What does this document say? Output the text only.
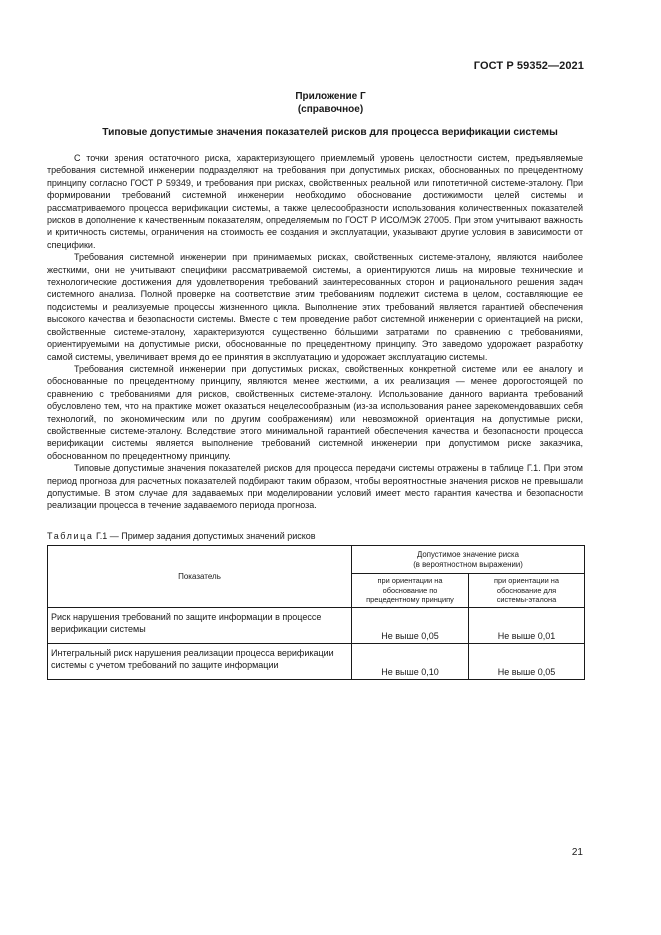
ГОСТ Р 59352—2021
Приложение Г
(справочное)
Типовые допустимые значения показателей рисков для процесса верификации системы

С точки зрения остаточного риска, характеризующего приемлемый уровень целостности систем, предъявляемые требования системной инженерии подразделяют на требования при допустимых рисках, обоснованных по прецедентному принципу согласно ГОСТ Р 59349, и требования при рисках, свойственных реальной или гипотетичной системе-эталону. При формировании требований системной инженерии необходимо обоснование достижимости целей системы и рассматриваемого процесса верификации системы, а также целесообразности использования количественных показателей рисков в дополнение к качественным показателям, определяемым по ГОСТ Р ИСО/МЭК 27005. При этом учитывают важность и критичность системы, ограничения на стоимость ее создания и эксплуатации, указывают другие условия в зависимости от специфики.

Требования системной инженерии при принимаемых рисках, свойственных системе-эталону, являются наиболее жесткими, они не учитывают специфики рассматриваемой системы, а ориентируются лишь на мировые технические и технологические достижения для удовлетворения требований заинтересованных сторон и рационального решения задач системного анализа. Полной проверке на соответствие этим требованиям подлежит система в целом, составляющие ее подсистемы и реализуемые процессы жизненного цикла. Выполнение этих требований является гарантией обеспечения высокого качества и безопасности системы. Вместе с тем проведение работ системной инженерии с ориентацией на риски, свойственные системе-эталону, характеризуются существенно бо́льшими затратами по сравнению с требованиями, ориентируемыми на допустимые риски, обоснованные по прецедентному принципу. Это заведомо удорожает разработку самой системы, увеличивает время до ее принятия в эксплуатацию и удорожает эксплуатацию системы.

Требования системной инженерии при допустимых рисках, свойственных конкретной системе или ее аналогу и обоснованные по прецедентному принципу, являются менее жесткими, а их реализация — менее дорогостоящей по сравнению с требованиями для рисков, свойственных системе-эталону. Использование данного варианта требований обусловлено тем, что на практике может оказаться нецелесообразным (из-за использования ранее зарекомендовавших себя технологий, по экономическим или по другим соображениям) или невозможной ориентация на допустимые риски, свойственные системе-эталону. Вследствие этого минимальной гарантией обеспечения качества и безопасности процесса верификации системы является выполнение требований системной инженерии при допустимом риске заказчика, обоснованном по прецедентному принципу.

Типовые допустимые значения показателей рисков для процесса передачи системы отражены в таблице Г.1. При этом период прогноза для расчетных показателей подбирают таким образом, чтобы вероятностные значения рисков не превышали допустимые. В этом случае для задаваемых при моделировании условий имеет место гарантия качества и безопасности реализации процесса в течение задаваемого периода прогноза.

Таблица Г.1 — Пример задания допустимых значений рисков
Показатель	Допустимое значение риска
(в вероятностном выражении)	
	при ориентации на
обоснование по
прецедентному принципу	при ориентации на
обоснование для
системы-эталона
Риск нарушения требований по защите информации в процессе верификации системы	Не выше 0,05	Не выше 0,01
Интегральный риск нарушения реализации процесса верификации системы с учетом требований по защите информации	Не выше 0,10	Не выше 0,05
21
